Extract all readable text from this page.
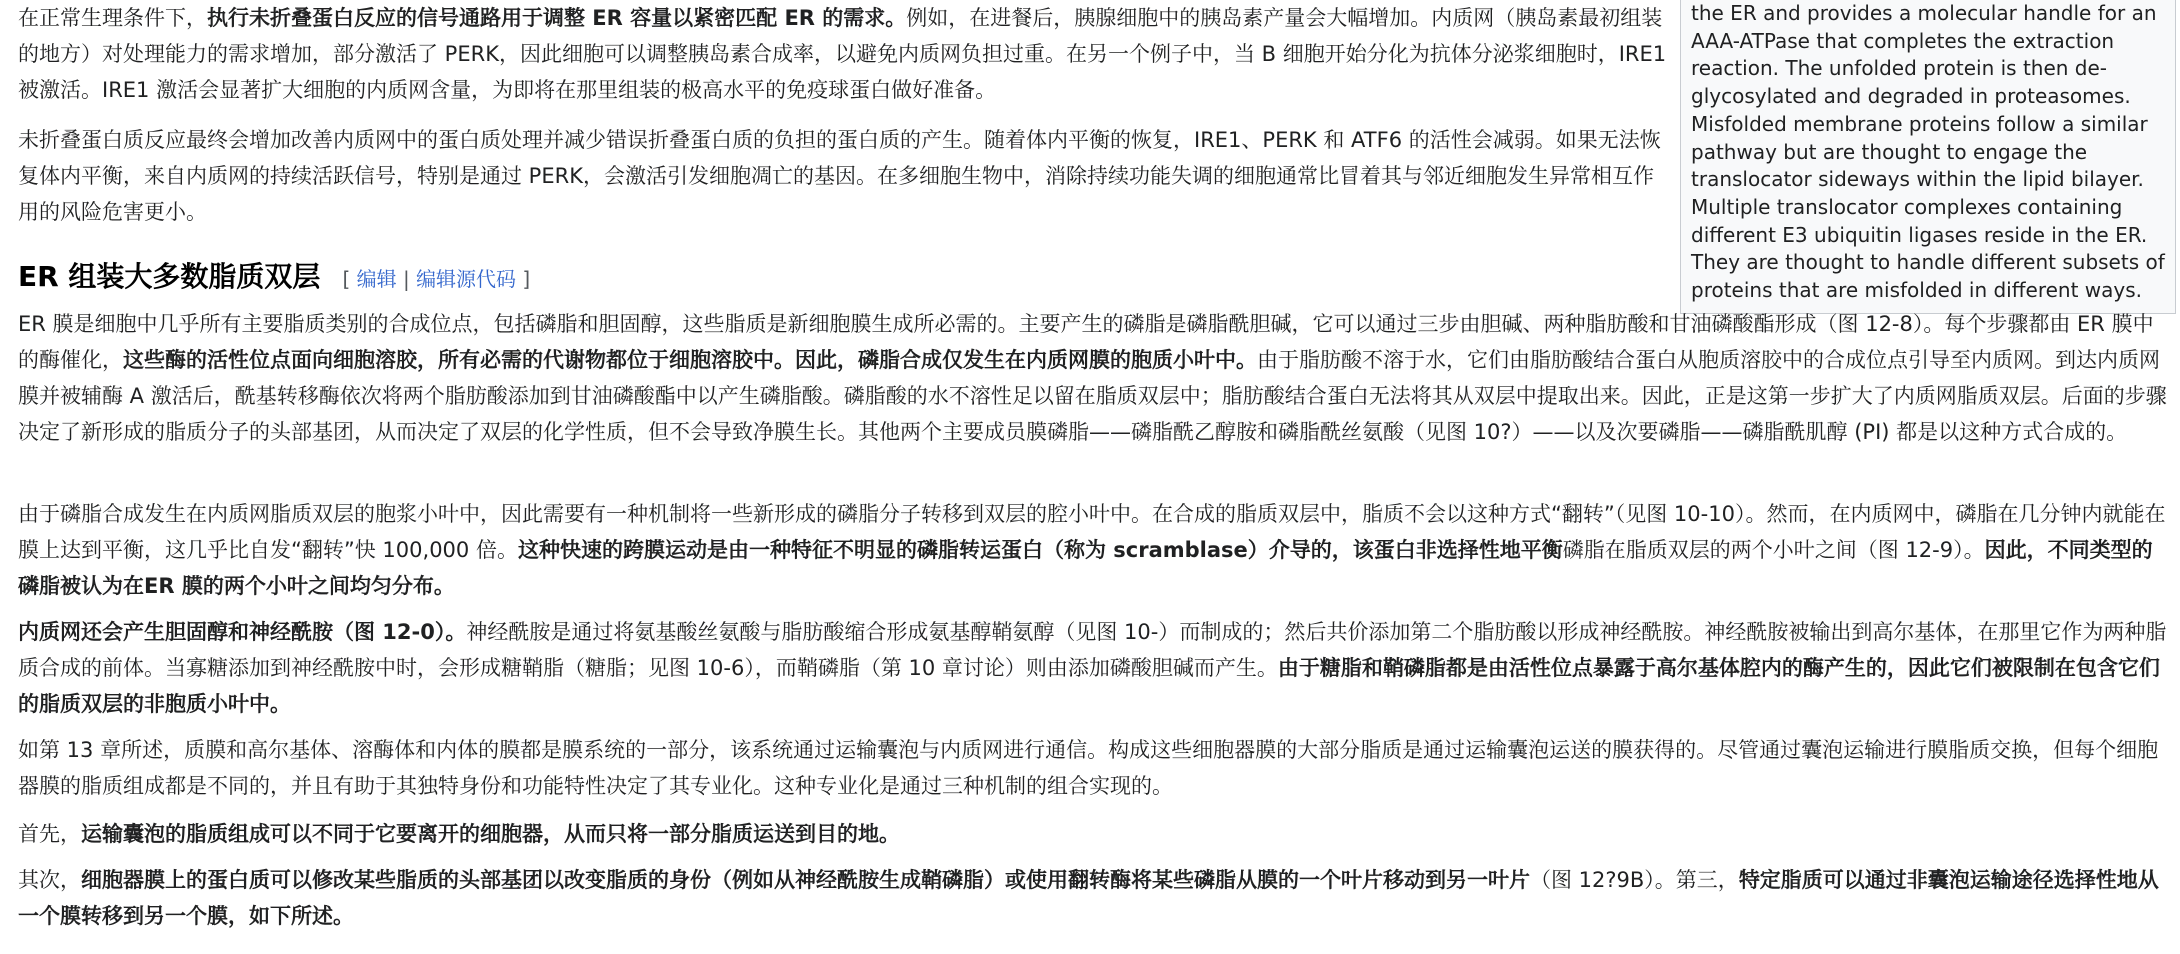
the ER and provides a molecular handle for an AAA-ATPase that completes the extraction reaction. The unfolded protein is then de-glycosylated and degraded in proteasomes. Misfolded membrane proteins follow a similar pathway but are thought to engage the translocator sideways within the lipid bilayer. Multiple translocator complexes containing different E3 ubiquitin ligases reside in the ER. They are thought to handle different subsets of proteins that are misfolded in different ways.

在正常生理条件下，执行未折叠蛋白反应的信号通路用于调整 ER 容量以紧密匹配 ER 的需求。例如，在进餐后，胰腺细胞中的胰岛素产量会大幅增加。内质网（胰岛素最初组装的地方）对处理能力的需求增加，部分激活了 PERK，因此细胞可以调整胰岛素合成率，以避免内质网负担过重。在另一个例子中，当 B 细胞开始分化为抗体分泌浆细胞时，IRE1 被激活。IRE1 激活会显著扩大细胞的内质网含量，为即将在那里组装的极高水平的免疫球蛋白做好准备。

未折叠蛋白质反应最终会增加改善内质网中的蛋白质处理并减少错误折叠蛋白质的负担的蛋白质的产生。随着体内平衡的恢复，IRE1、PERK 和 ATF6 的活性会减弱。如果无法恢复体内平衡，来自内质网的持续活跃信号，特别是通过 PERK，会激活引发细胞凋亡的基因。在多细胞生物中，消除持续功能失调的细胞通常比冒着其与邻近细胞发生异常相互作用的风险危害更小。

ER 组装大多数脂质双层 [ 编辑 | 编辑源代码 ]

ER 膜是细胞中几乎所有主要脂质类别的合成位点，包括磷脂和胆固醇，这些脂质是新细胞膜生成所必需的。主要产生的磷脂是磷脂酰胆碱，它可以通过三步由胆碱、两种脂肪酸和甘油磷酸酯形成（图 12-8）。每个步骤都由 ER 膜中的酶催化，这些酶的活性位点面向细胞溶胶，所有必需的代谢物都位于细胞溶胶中。因此，磷脂合成仅发生在内质网膜的胞质小叶中。由于脂肪酸不溶于水，它们由脂肪酸结合蛋白从胞质溶胶中的合成位点引导至内质网。到达内质网膜并被辅酶 A 激活后，酰基转移酶依次将两个脂肪酸添加到甘油磷酸酯中以产生磷脂酸。磷脂酸的水不溶性足以留在脂质双层中；脂肪酸结合蛋白无法将其从双层中提取出来。因此，正是这第一步扩大了内质网脂质双层。后面的步骤决定了新形成的脂质分子的头部基团，从而决定了双层的化学性质，但不会导致净膜生长。其他两个主要成员膜磷脂——磷脂酰乙醇胺和磷脂酰丝氨酸（见图 10?）——以及次要磷脂——磷脂酰肌醇 (PI) 都是以这种方式合成的。

由于磷脂合成发生在内质网脂质双层的胞浆小叶中，因此需要有一种机制将一些新形成的磷脂分子转移到双层的腔小叶中。在合成的脂质双层中，脂质不会以这种方式“翻转”（见图 10-10）。然而，在内质网中，磷脂在几分钟内就能在膜上达到平衡，这几乎比自发“翻转”快 100,000 倍。这种快速的跨膜运动是由一种特征不明显的磷脂转运蛋白（称为 scramblase）介导的，该蛋白非选择性地平衡磷脂在脂质双层的两个小叶之间（图 12-9）。因此，不同类型的磷脂被认为在ER 膜的两个小叶之间均匀分布。

内质网还会产生胆固醇和神经酰胺（图 12-0）。神经酰胺是通过将氨基酸丝氨酸与脂肪酸缩合形成氨基醇鞘氨醇（见图 10-）而制成的；然后共价添加第二个脂肪酸以形成神经酰胺。神经酰胺被输出到高尔基体，在那里它作为两种脂质合成的前体。当寡糖添加到神经酰胺中时，会形成糖鞘脂（糖脂；见图 10-6），而鞘磷脂（第 10 章讨论）则由添加磷酸胆碱而产生。由于糖脂和鞘磷脂都是由活性位点暴露于高尔基体腔内的酶产生的，因此它们被限制在包含它们的脂质双层的非胞质小叶中。

如第 13 章所述，质膜和高尔基体、溶酶体和内体的膜都是膜系统的一部分，该系统通过运输囊泡与内质网进行通信。构成这些细胞器膜的大部分脂质是通过运输囊泡运送的膜获得的。尽管通过囊泡运输进行膜脂质交换，但每个细胞器膜的脂质组成都是不同的，并且有助于其独特身份和功能特性决定了其专业化。这种专业化是通过三种机制的组合实现的。

首先，运输囊泡的脂质组成可以不同于它要离开的细胞器，从而只将一部分脂质运送到目的地。

其次，细胞器膜上的蛋白质可以修改某些脂质的头部基团以改变脂质的身份（例如从神经酰胺生成鞘磷脂）或使用翻转酶将某些磷脂从膜的一个叶片移动到另一叶片（图 12?9B）。第三，特定脂质可以通过非囊泡运输途径选择性地从一个膜转移到另一个膜，如下所述。
